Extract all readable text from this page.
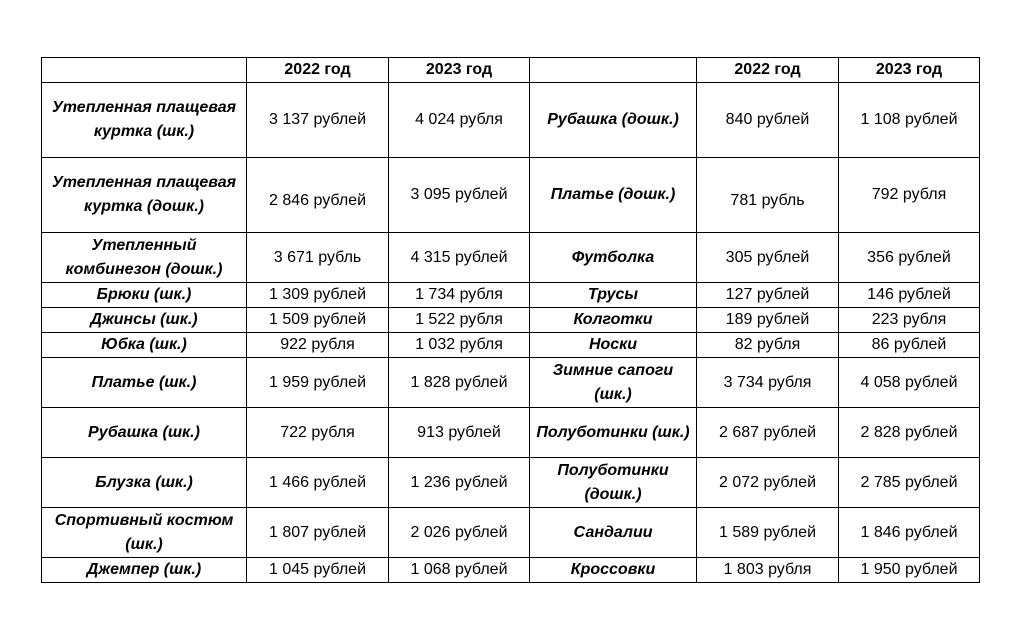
	2022 год	2023 год		2022 год	2023 год
Утепленная плащевая куртка (шк.)	3 137 рублей	4 024 рубля	Рубашка (дошк.)	840 рублей	1 108 рублей
Утепленная плащевая куртка (дошк.)	2 846 рублей	3 095 рублей	Платье (дошк.)	781 рубль	792 рубля
Утепленный комбинезон (дошк.)	3 671 рубль	4 315 рублей	Футболка	305 рублей	356 рублей
Брюки (шк.)	1 309 рублей	1 734 рубля	Трусы	127 рублей	146 рублей
Джинсы (шк.)	1 509 рублей	1 522 рубля	Колготки	189 рублей	223 рубля
Юбка (шк.)	922 рубля	1 032 рубля	Носки	82 рубля	86 рублей
Платье (шк.)	1 959 рублей	1 828 рублей	Зимние сапоги (шк.)	3 734 рубля	4 058 рублей
Рубашка (шк.)	722 рубля	913 рублей	Полуботинки (шк.)	2 687 рублей	2 828 рублей
Блузка (шк.)	1 466 рублей	1 236 рублей	Полуботинки (дошк.)	2 072 рублей	2 785 рублей
Спортивный костюм (шк.)	1 807 рублей	2 026 рублей	Сандалии	1 589 рублей	1 846 рублей
Джемпер (шк.)	1 045 рублей	1 068 рублей	Кроссовки	1 803 рубля	1 950 рублей
